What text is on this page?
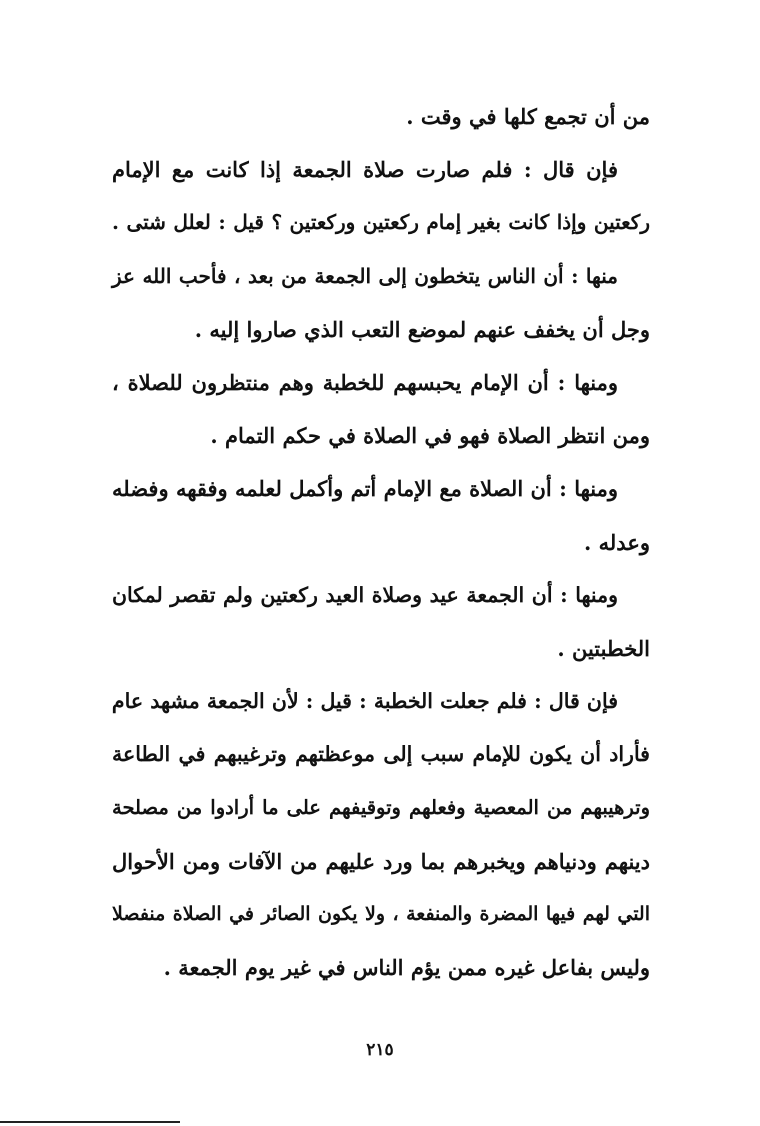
من أن تجمع كلها في وقت .
فإن قال : فلم صارت صلاة الجمعة إذا كانت مع الإمام
ركعتين وإذا كانت بغير إمام ركعتين وركعتين ؟ قيل : لعلل شتى .
منها : أن الناس يتخطون إلى الجمعة من بعد ، فأحب الله عز
وجل أن يخفف عنهم لموضع التعب الذي صاروا إليه .
ومنها : أن الإمام يحبسهم للخطبة وهم منتظرون للصلاة ،
ومن انتظر الصلاة فهو في الصلاة في حكم التمام .
ومنها : أن الصلاة مع الإمام أتم وأكمل لعلمه وفقهه وفضله
وعدله .
ومنها : أن الجمعة عيد وصلاة العيد ركعتين ولم تقصر لمكان
الخطبتين .
فإن قال : فلم جعلت الخطبة : قيل : لأن الجمعة مشهد عام
فأراد أن يكون للإمام سبب إلى موعظتهم وترغيبهم في الطاعة
وترهيبهم من المعصية وفعلهم وتوقيفهم على ما أرادوا من مصلحة
دينهم ودنياهم ويخبرهم بما ورد عليهم من الآفات ومن الأحوال
التي لهم فيها المضرة والمنفعة ، ولا يكون الصائر في الصلاة منفصلا
وليس بفاعل غيره ممن يؤم الناس في غير يوم الجمعة .
٢١٥
